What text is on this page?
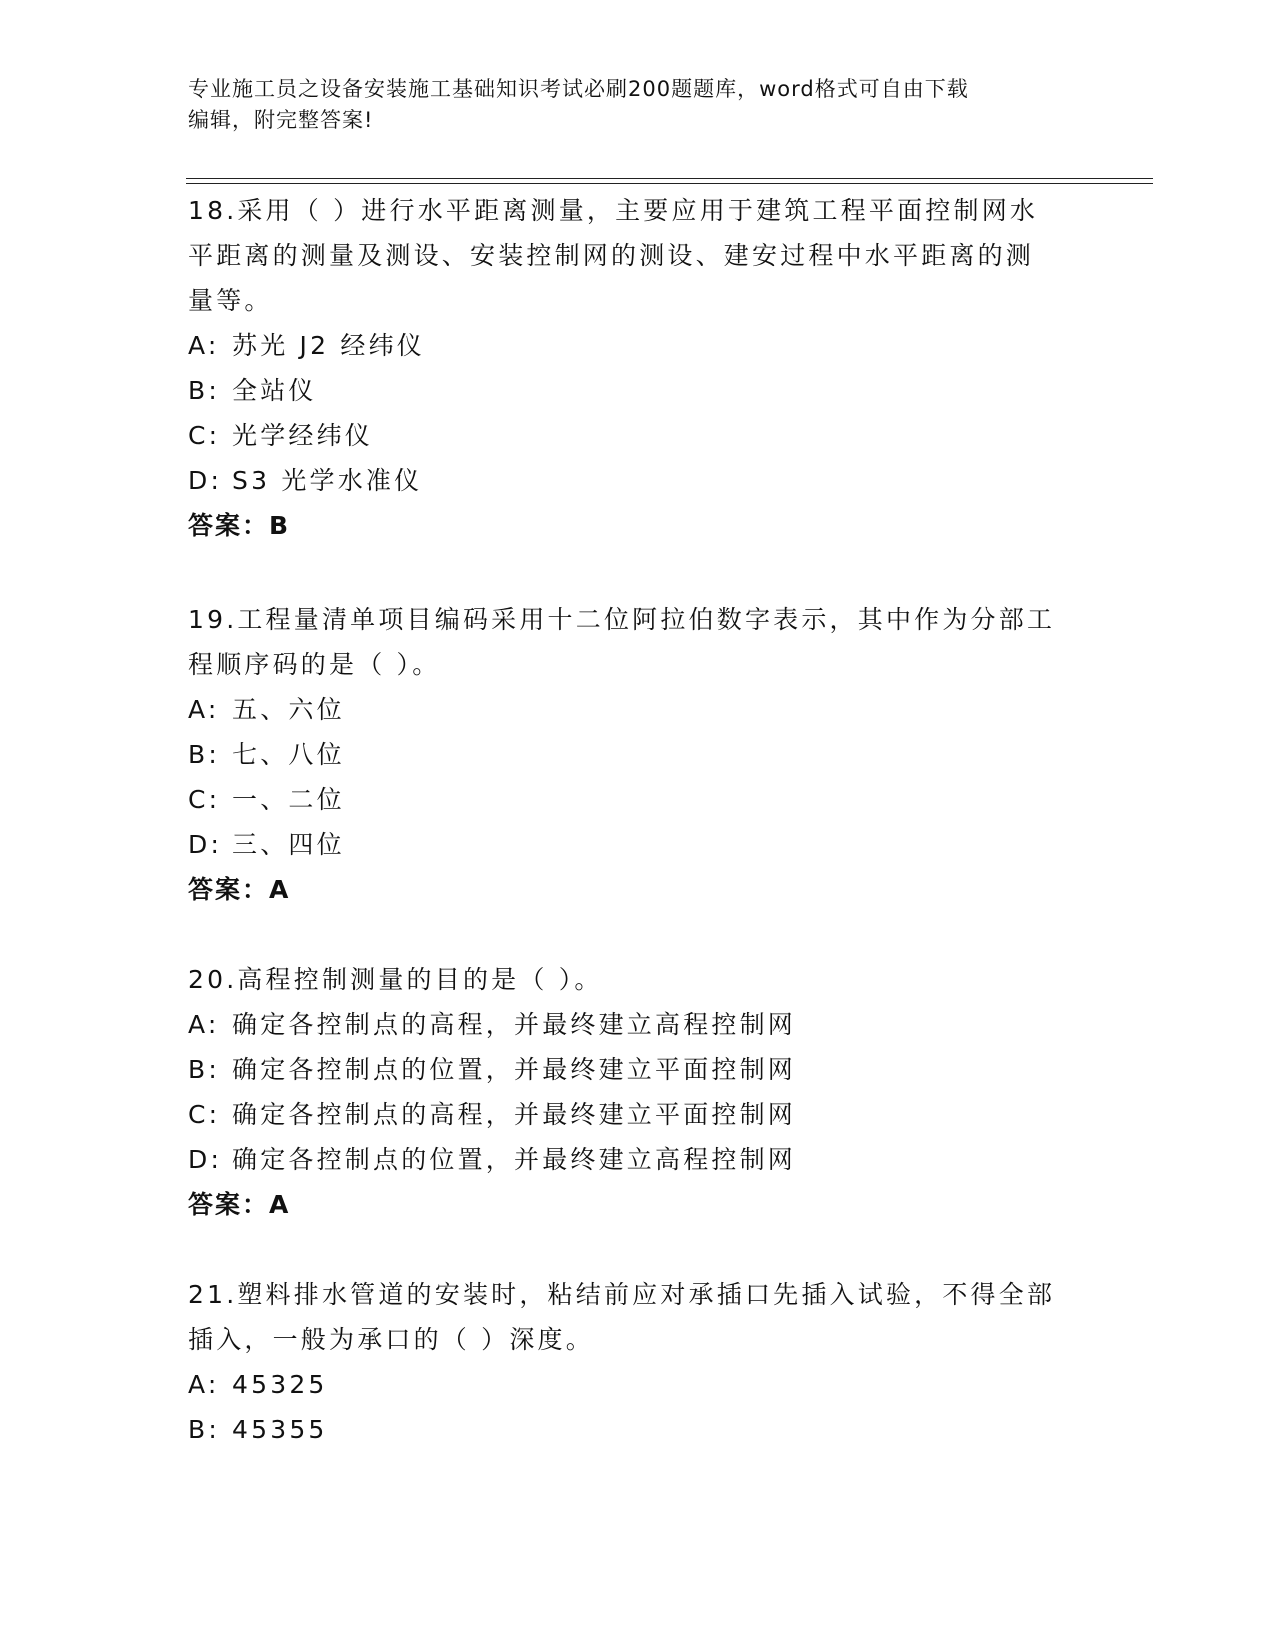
专业施工员之设备安装施工基础知识考试必刷200题题库，word格式可自由下载
编辑，附完整答案!
18.采用（ ）进行水平距离测量，主要应用于建筑工程平面控制网水
平距离的测量及测设、安装控制网的测设、建安过程中水平距离的测
量等。
A: 苏光 J2 经纬仪
B: 全站仪
C: 光学经纬仪
D: S3 光学水准仪
答案：B
19.工程量清单项目编码采用十二位阿拉伯数字表示，其中作为分部工
程顺序码的是（ ）。
A: 五、六位
B: 七、八位
C: 一、二位
D: 三、四位
答案：A
20.高程控制测量的目的是（ ）。
A: 确定各控制点的高程，并最终建立高程控制网
B: 确定各控制点的位置，并最终建立平面控制网
C: 确定各控制点的高程，并最终建立平面控制网
D: 确定各控制点的位置，并最终建立高程控制网
答案：A
21.塑料排水管道的安装时，粘结前应对承插口先插入试验，不得全部
插入，一般为承口的（ ）深度。
A: 45325
B: 45355
